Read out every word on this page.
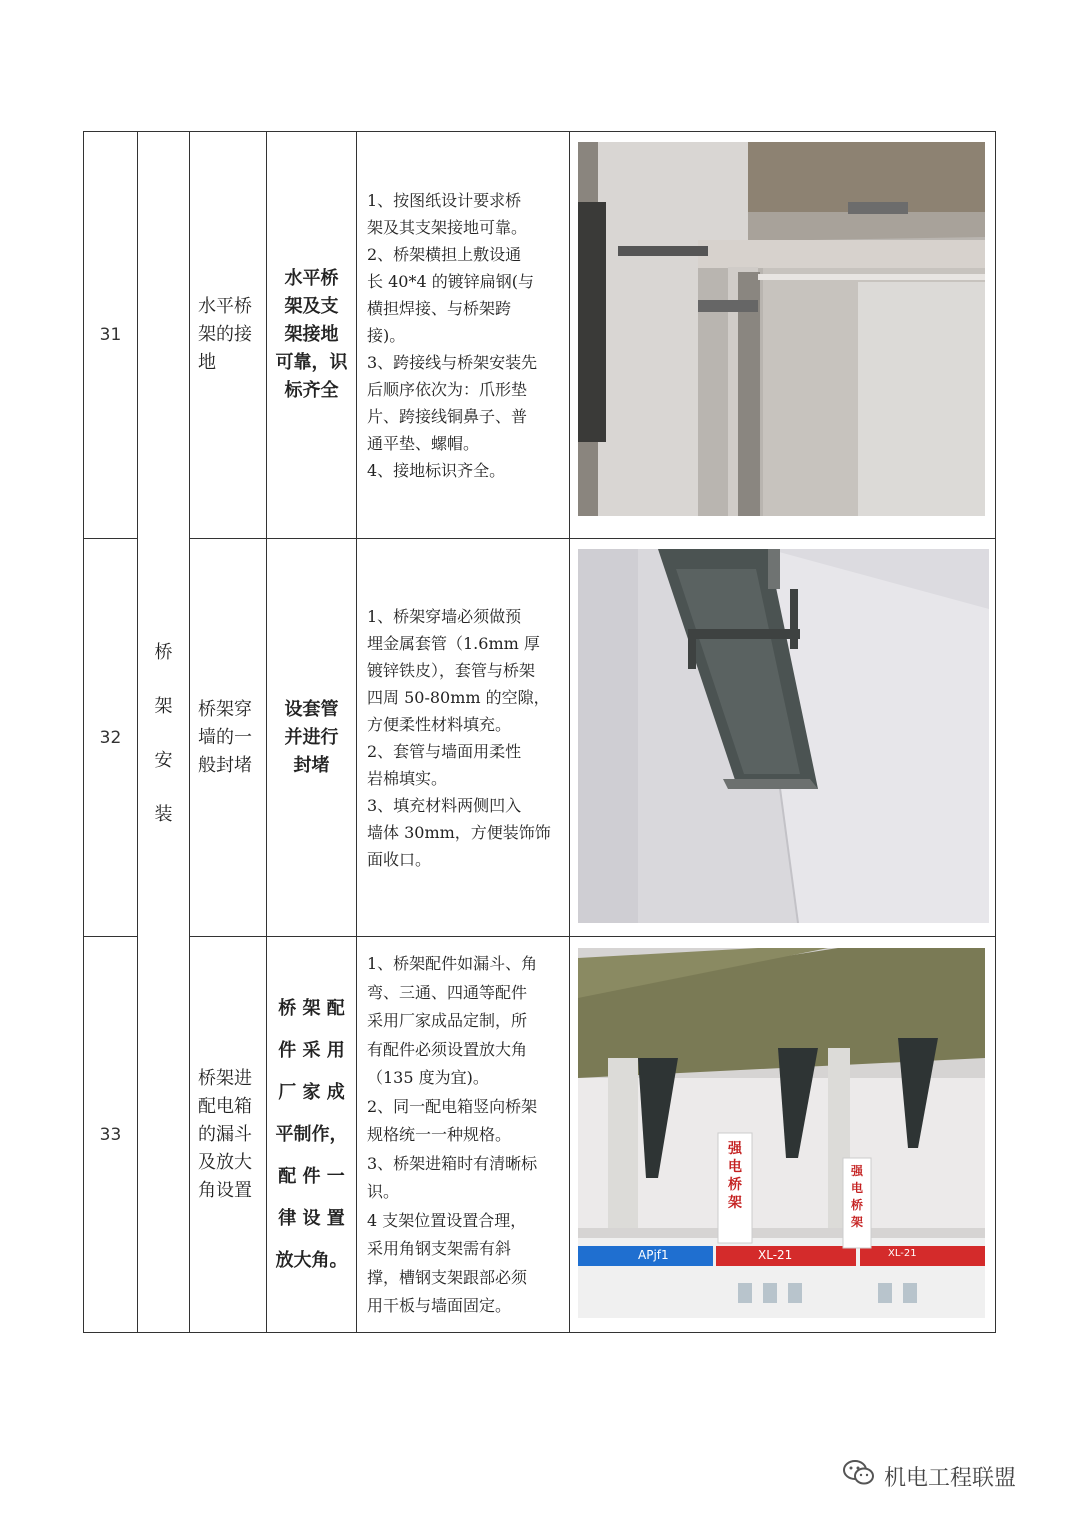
桥
架
安
装
31
水平桥
架的接
地
水平桥
架及支
架接地
可靠，识
标齐全
1、按图纸设计要求桥
架及其支架接地可靠。
2、桥架横担上敷设通
长 40*4 的镀锌扁钢(与
横担焊接、与桥架跨
接)。
3、跨接线与桥架安装先
后顺序依次为：爪形垫
片、跨接线铜鼻子、普
通平垫、螺帽。
4、接地标识齐全。
32
桥架穿
墙的一
般封堵
设套管
并进行
封堵
1、桥架穿墙必须做预
埋金属套管（1.6mm 厚
镀锌铁皮），套管与桥架
四周 50-80mm 的空隙，
方便柔性材料填充。
2、套管与墙面用柔性
岩棉填实。
3、填充材料两侧凹入
墙体 30mm，方便装饰饰
面收口。
33
桥架进
配电箱
的漏斗
及放大
角设置
桥 架 配
件 采 用
厂 家 成
平制作，
配 件 一
律 设 置
放大角。
1、桥架配件如漏斗、角
弯、三通、四通等配件
采用厂家成品定制，所
有配件必须设置放大角
（135 度为宜)。
2、同一配电箱竖向桥架
规格统一一种规格。
3、桥架进箱时有清晰标
识。
4 支架位置设置合理，
采用角钢支架需有斜
撑，槽钢支架跟部必须
用干板与墙面固定。
强
电
桥
架
强
电
桥
架
APjf1	XL-21	XL-21
机电工程联盟
